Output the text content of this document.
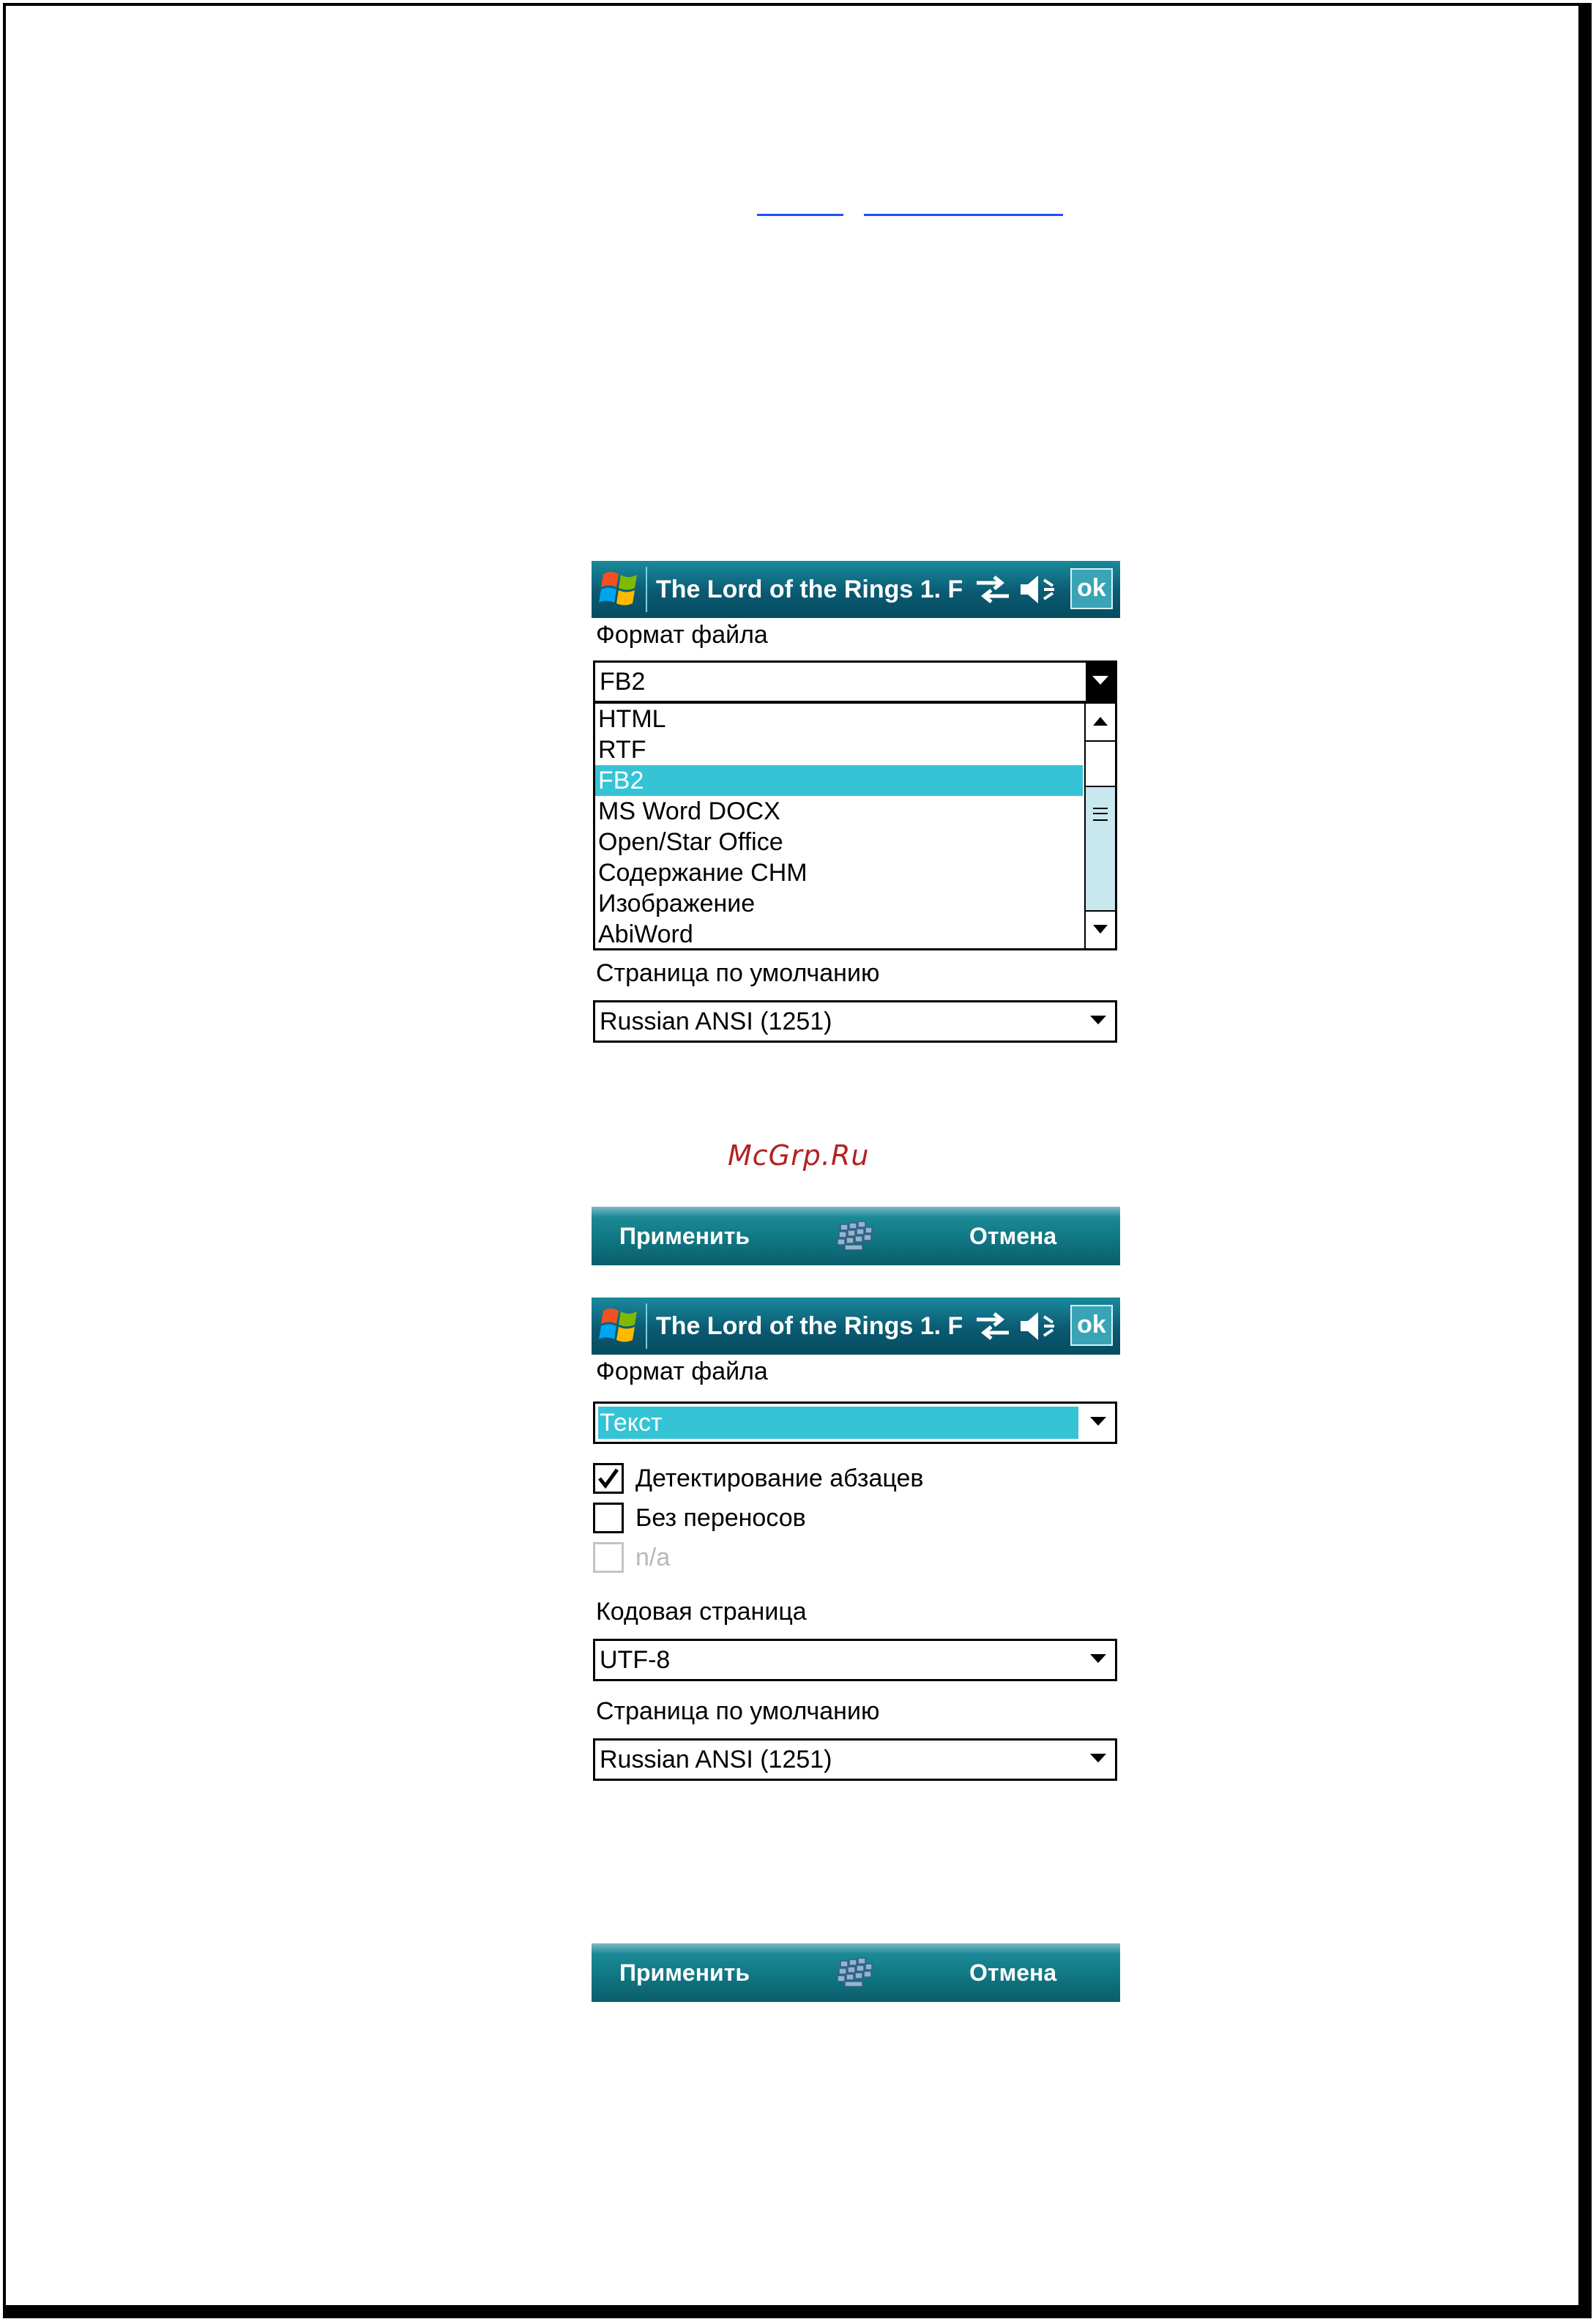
The Lord of the Rings 1. F	ok
Формат файла
FB2
HTML
RTF
FB2
MS Word DOCX
Open/Star Office
Содержание CHM
Изображение
AbiWord
Страница по умолчанию
Russian ANSI (1251)
Применить	Отмена
McGrp.Ru
The Lord of the Rings 1. F	ok
Формат файла
Текст
Детектирование абзацев
Без переносов
n/a
Кодовая страница
UTF-8
Страница по умолчанию
Russian ANSI (1251)
Применить	Отмена
